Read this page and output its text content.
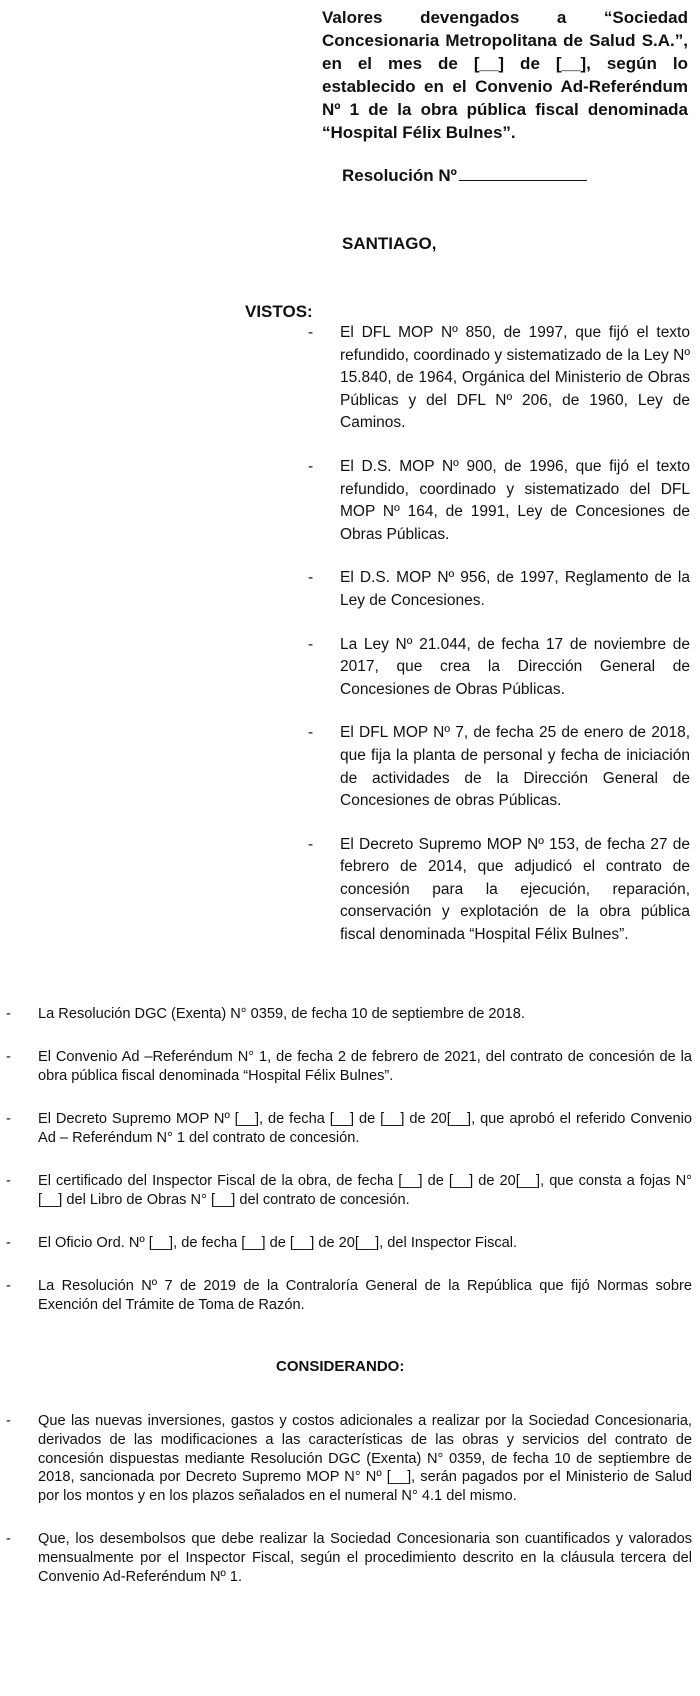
Valores devengados a “Sociedad Concesionaria Metropolitana de Salud S.A.”, en el mes de [__] de [__], según lo establecido en el Convenio Ad-Referéndum Nº 1 de la obra pública fiscal denominada “Hospital Félix Bulnes”.

Resolución Nº
SANTIAGO,
VISTOS:
- El DFL MOP Nº 850, de 1997, que fijó el texto refundido, coordinado y sistematizado de la Ley Nº 15.840, de 1964, Orgánica del Ministerio de Obras Públicas y del DFL Nº 206, de 1960, Ley de Caminos.
- El D.S. MOP Nº 900, de 1996, que fijó el texto refundido, coordinado y sistematizado del DFL MOP Nº 164, de 1991, Ley de Concesiones de Obras Públicas.
- El D.S. MOP Nº 956, de 1997, Reglamento de la Ley de Concesiones.
- La Ley Nº 21.044, de fecha 17 de noviembre de 2017, que crea la Dirección General de Concesiones de Obras Públicas.
- El DFL MOP Nº 7, de fecha 25 de enero de 2018, que fija la planta de personal y fecha de iniciación de actividades de la Dirección General de Concesiones de obras Públicas.
- El Decreto Supremo MOP Nº 153, de fecha 27 de febrero de 2014, que adjudicó el contrato de concesión para la ejecución, reparación, conservación y explotación de la obra pública fiscal denominada “Hospital Félix Bulnes”.
- La Resolución DGC (Exenta) N° 0359, de fecha 10 de septiembre de 2018.
- El Convenio Ad –Referéndum N° 1, de fecha 2 de febrero de 2021, del contrato de concesión de la obra pública fiscal denominada “Hospital Félix Bulnes”.
- El Decreto Supremo MOP Nº [__], de fecha [__] de [__] de 20[__], que aprobó el referido Convenio Ad – Referéndum N° 1 del contrato de concesión.
- El certificado del Inspector Fiscal de la obra, de fecha [__] de [__] de 20[__], que consta a fojas N° [__] del Libro de Obras N° [__] del contrato de concesión.
- El Oficio Ord. Nº [__], de fecha [__] de [__] de 20[__], del Inspector Fiscal.
- La Resolución Nº 7 de 2019 de la Contraloría General de la República que fijó Normas sobre Exención del Trámite de Toma de Razón.
CONSIDERANDO:
- Que las nuevas inversiones, gastos y costos adicionales a realizar por la Sociedad Concesionaria, derivados de las modificaciones a las características de las obras y servicios del contrato de concesión dispuestas mediante Resolución DGC (Exenta) N° 0359, de fecha 10 de septiembre de 2018, sancionada por Decreto Supremo MOP N° Nº [__], serán pagados por el Ministerio de Salud por los montos y en los plazos señalados en el numeral N° 4.1 del mismo.
- Que, los desembolsos que debe realizar la Sociedad Concesionaria son cuantificados y valorados mensualmente por el Inspector Fiscal, según el procedimiento descrito en la cláusula tercera del Convenio Ad-Referéndum Nº 1.
